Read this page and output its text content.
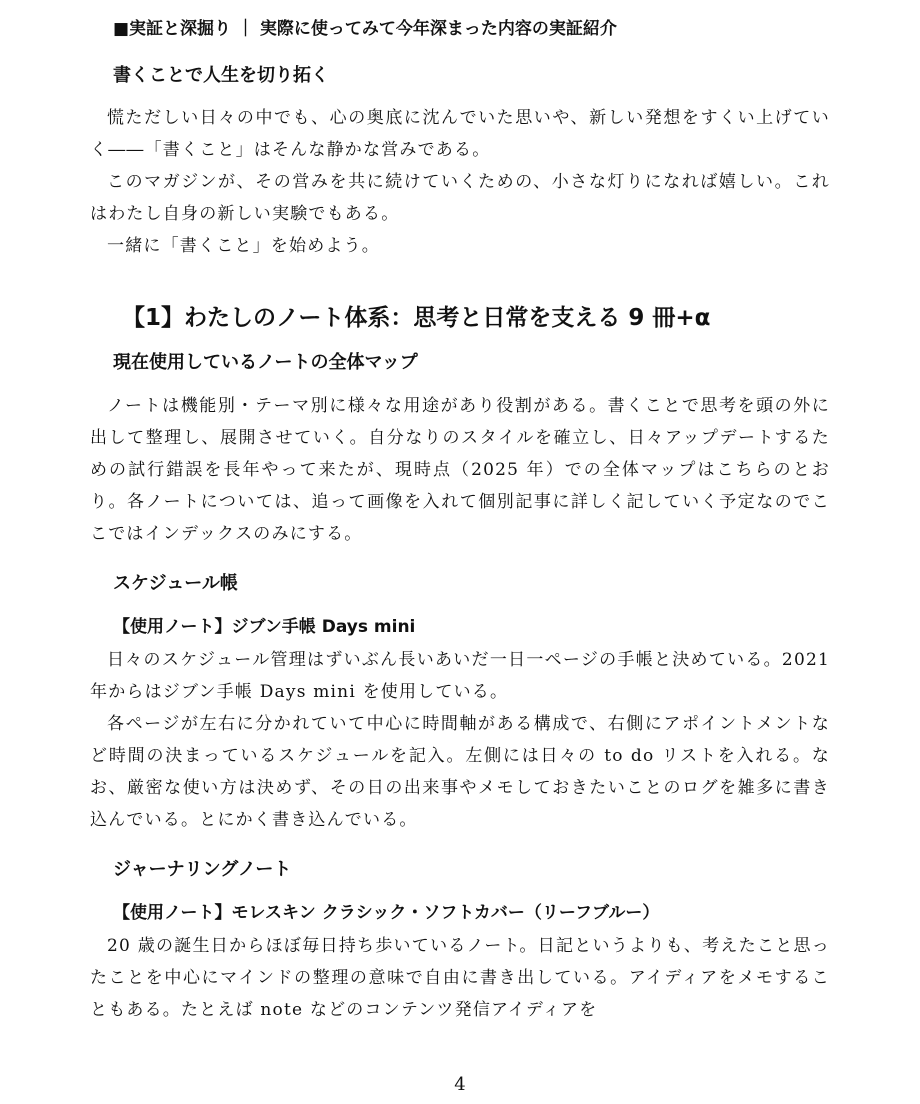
■実証と深掘り ｜ 実際に使ってみて今年深まった内容の実証紹介
書くことで人生を切り拓く

慌ただしい日々の中でも、心の奥底に沈んでいた思いや、新しい発想をすくい上げていく――「書くこと」はそんな静かな営みである。

このマガジンが、その営みを共に続けていくための、小さな灯りになれば嬉しい。これはわたし自身の新しい実験でもある。

一緒に「書くこと」を始めよう。

【1】わたしのノート体系：思考と日常を支える 9 冊+α
現在使用しているノートの全体マップ

ノートは機能別・テーマ別に様々な用途があり役割がある。書くことで思考を頭の外に出して整理し、展開させていく。自分なりのスタイルを確立し、日々アップデートするための試行錯誤を長年やって来たが、現時点（2025 年）での全体マップはこちらのとおり。各ノートについては、追って画像を入れて個別記事に詳しく記していく予定なのでここではインデックスのみにする。

スケジュール帳
【使用ノート】ジブン手帳 Days mini

日々のスケジュール管理はずいぶん長いあいだ一日一ページの手帳と決めている。2021 年からはジブン手帳 Days mini を使用している。

各ページが左右に分かれていて中心に時間軸がある構成で、右側にアポイントメントなど時間の決まっているスケジュールを記入。左側には日々の to do リストを入れる。なお、厳密な使い方は決めず、その日の出来事やメモしておきたいことのログを雑多に書き込んでいる。とにかく書き込んでいる。

ジャーナリングノート
【使用ノート】モレスキン クラシック・ソフトカバー（リーフブルー）

20 歳の誕生日からほぼ毎日持ち歩いているノート。日記というよりも、考えたこと思ったことを中心にマインドの整理の意味で自由に書き出している。アイディアをメモすることもある。たとえば note などのコンテンツ発信アイディアを

4
